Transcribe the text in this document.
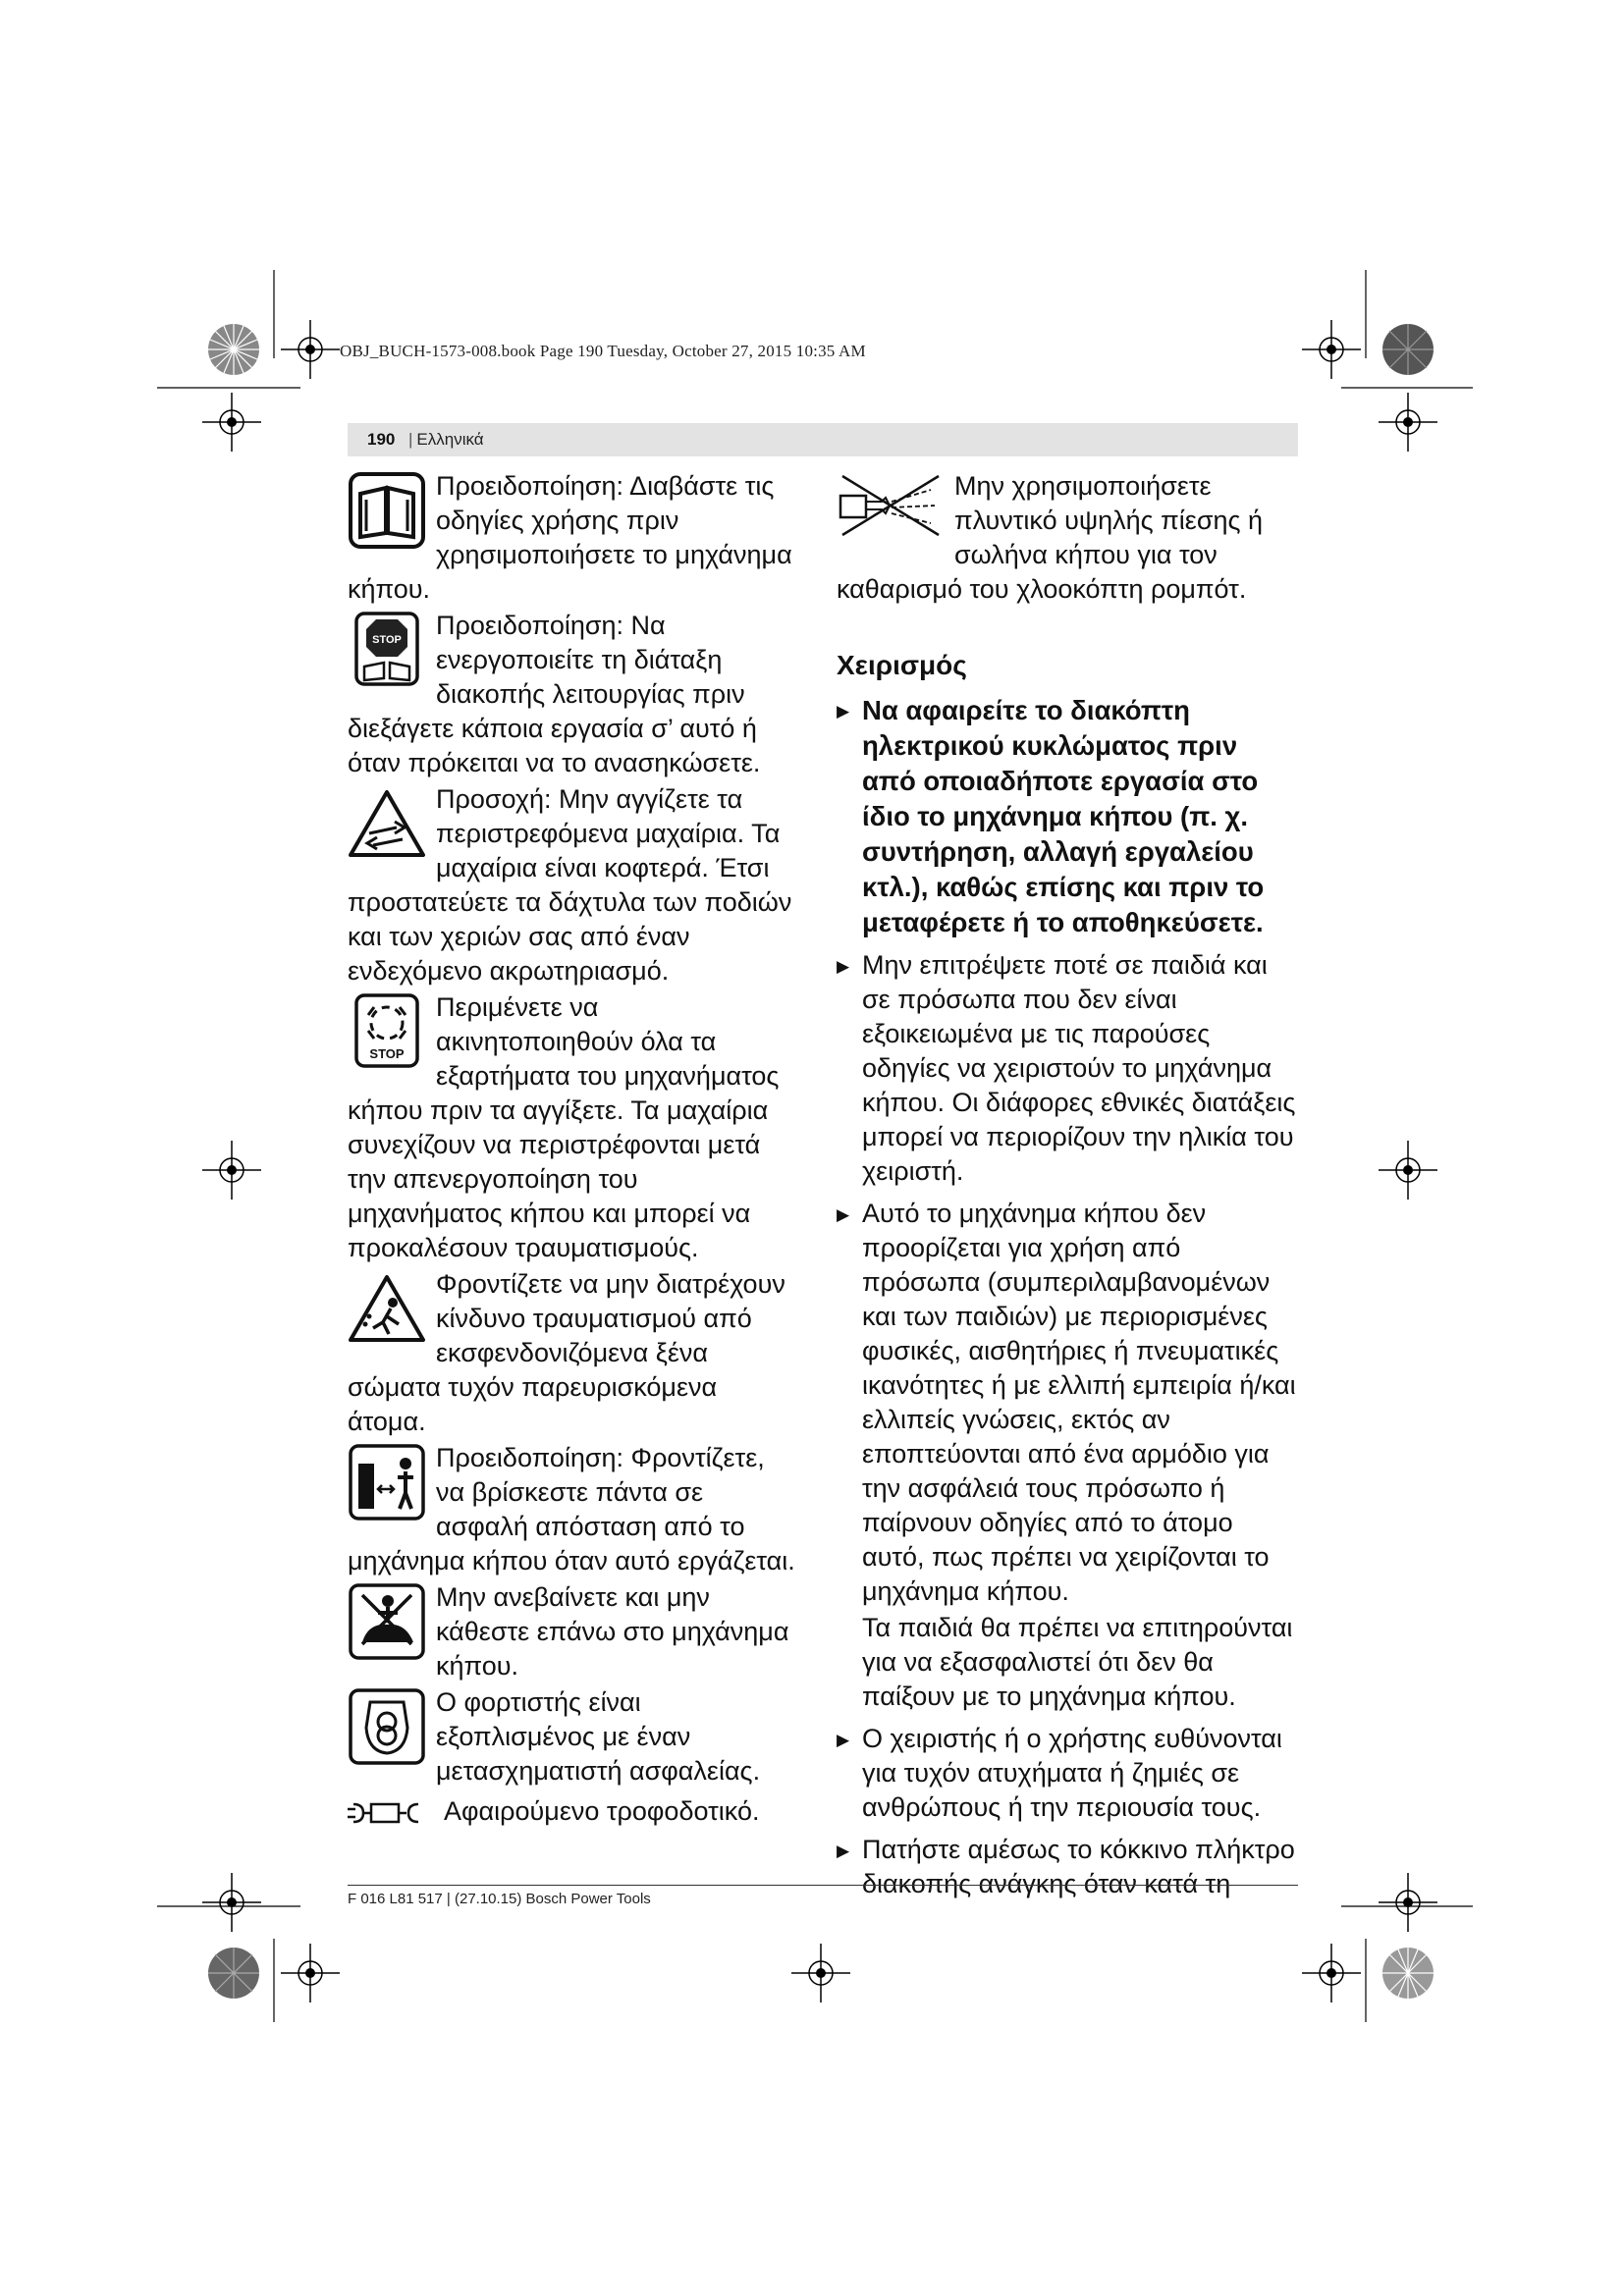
OBJ_BUCH-1573-008.book Page 190 Tuesday, October 27, 2015 10:35 AM
190
|	Ελληνικά
Προειδοποίηση: Διαβάστε τις οδηγίες χρήσης πριν χρησιμοποιήσετε το μηχάνημα κήπου.
STOP	Προειδοποίηση: Να ενεργοποιείτε τη διάταξη διακοπής λειτουργίας πριν διεξάγετε κάποια εργασία σ’ αυτό ή όταν πρόκειται να το ανασηκώσετε.
Προσοχή: Μην αγγίζετε τα περιστρεφόμενα μαχαίρια. Τα μαχαίρια είναι κοφτερά. Έτσι προστατεύετε τα δάχτυλα των ποδιών και των χεριών σας από έναν ενδεχόμενο ακρωτηριασμό.
STOP
Περιμένετε να ακινητοποιηθούν όλα τα εξαρτήματα του μηχανήματος κήπου πριν τα αγγίξετε. Τα μαχαίρια συνεχίζουν να περιστρέφονται μετά την απενεργοποίηση του μηχανήματος κήπου και μπορεί να προκαλέσουν τραυματισμούς.
Φροντίζετε να μην διατρέχουν κίνδυνο τραυματισμού από εκσφενδονιζόμενα ξένα σώματα τυχόν παρευρισκόμενα άτομα.
Προειδοποίηση: Φροντίζετε, να βρίσκεστε πάντα σε ασφαλή απόσταση από το μηχάνημα κήπου όταν αυτό εργάζεται.
Μην ανεβαίνετε και μην κάθεστε επάνω στο μηχάνημα κήπου.
Ο φορτιστής είναι εξοπλισμένος με έναν μετασχηματιστή ασφαλείας.
Αφαιρούμενο τροφοδοτικό.
Μην χρησιμοποιήσετε πλυντικό υψηλής πίεσης ή σωλήνα κήπου για τον καθαρισμό του χλοοκόπτη ρομπότ.
Χειρισμός
▶ Να αφαιρείτε το διακόπτη ηλεκτρικού κυκλώματος πριν από οποιαδήποτε εργασία στο ίδιο το μηχάνημα κήπου (π. χ. συντήρηση, αλλαγή εργαλείου κτλ.), καθώς επίσης και πριν το μεταφέρετε ή το αποθηκεύσετε.
▶ Μην επιτρέψετε ποτέ σε παιδιά και σε πρόσωπα που δεν είναι εξοικειωμένα με τις παρούσες οδηγίες να χειριστούν το μηχάνημα κήπου. Οι διάφορες εθνικές διατάξεις μπορεί να περιορίζουν την ηλικία του χειριστή.
▶ Αυτό το μηχάνημα κήπου δεν προορίζεται για χρήση από πρόσωπα (συμπεριλαμβανομένων και των παιδιών) με περιορισμένες φυσικές, αισθητήριες ή πνευματικές ικανότητες ή με ελλιπή εμπειρία ή/και ελλιπείς γνώσεις, εκτός αν εποπτεύονται από ένα αρμόδιο για την ασφάλειά τους πρόσωπο ή παίρνουν οδηγίες από το άτομο αυτό, πως πρέπει να χειρίζονται το μηχάνημα κήπου.
Τα παιδιά θα πρέπει να επιτηρούνται για να εξασφαλιστεί ότι δεν θα παίξουν με το μηχάνημα κήπου.
▶ Ο χειριστής ή ο χρήστης ευθύνονται για τυχόν ατυχήματα ή ζημιές σε ανθρώπους ή την περιουσία τους.
▶ Πατήστε αμέσως το κόκκινο πλήκτρο διακοπής ανάγκης όταν κατά τη
F 016 L81 517 | (27.10.15) Bosch Power Tools
